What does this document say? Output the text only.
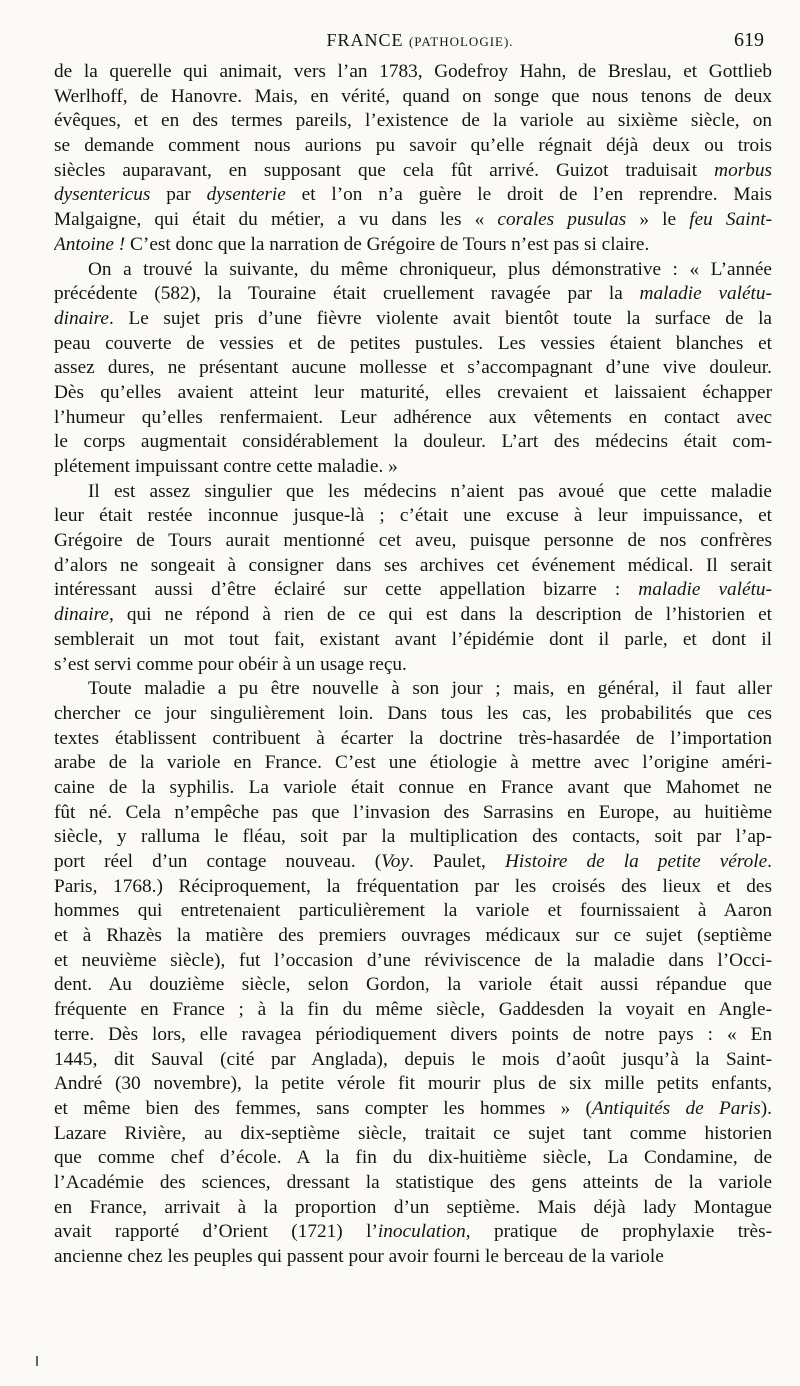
FRANCE (PATHOLOGIE).	619
de la querelle qui animait, vers l’an 1783, Godefroy Hahn, de Breslau, et Gottlieb
Werlhoff, de Hanovre. Mais, en vérité, quand on songe que nous tenons de deux
évêques, et en des termes pareils, l’existence de la variole au sixième siècle, on
se demande comment nous aurions pu savoir qu’elle régnait déjà deux ou trois
siècles auparavant, en supposant que cela fût arrivé. Guizot traduisait morbus
dysentericus par dysenterie et l’on n’a guère le droit de l’en reprendre. Mais
Malgaigne, qui était du métier, a vu dans les « corales pusulas » le feu Saint-
Antoine ! C’est donc que la narration de Grégoire de Tours n’est pas si claire.
On a trouvé la suivante, du même chroniqueur, plus démonstrative : « L’année
précédente (582), la Touraine était cruellement ravagée par la maladie valétu-
dinaire. Le sujet pris d’une fièvre violente avait bientôt toute la surface de la
peau couverte de vessies et de petites pustules. Les vessies étaient blanches et
assez dures, ne présentant aucune mollesse et s’accompagnant d’une vive douleur.
Dès qu’elles avaient atteint leur maturité, elles crevaient et laissaient échapper
l’humeur qu’elles renfermaient. Leur adhérence aux vêtements en contact avec
le corps augmentait considérablement la douleur. L’art des médecins était com-
plétement impuissant contre cette maladie. »
Il est assez singulier que les médecins n’aient pas avoué que cette maladie
leur était restée inconnue jusque-là ; c’était une excuse à leur impuissance, et
Grégoire de Tours aurait mentionné cet aveu, puisque personne de nos confrères
d’alors ne songeait à consigner dans ses archives cet événement médical. Il serait
intéressant aussi d’être éclairé sur cette appellation bizarre : maladie valétu-
dinaire, qui ne répond à rien de ce qui est dans la description de l’historien et
semblerait un mot tout fait, existant avant l’épidémie dont il parle, et dont il
s’est servi comme pour obéir à un usage reçu.
Toute maladie a pu être nouvelle à son jour ; mais, en général, il faut aller
chercher ce jour singulièrement loin. Dans tous les cas, les probabilités que ces
textes établissent contribuent à écarter la doctrine très-hasardée de l’importation
arabe de la variole en France. C’est une étiologie à mettre avec l’origine améri-
caine de la syphilis. La variole était connue en France avant que Mahomet ne
fût né. Cela n’empêche pas que l’invasion des Sarrasins en Europe, au huitième
siècle, y ralluma le fléau, soit par la multiplication des contacts, soit par l’ap-
port réel d’un contage nouveau. (Voy. Paulet, Histoire de la petite vérole.
Paris, 1768.) Réciproquement, la fréquentation par les croisés des lieux et des
hommes qui entretenaient particulièrement la variole et fournissaient à Aaron
et à Rhazès la matière des premiers ouvrages médicaux sur ce sujet (septième
et neuvième siècle), fut l’occasion d’une réviviscence de la maladie dans l’Occi-
dent. Au douzième siècle, selon Gordon, la variole était aussi répandue que
fréquente en France ; à la fin du même siècle, Gaddesden la voyait en Angle-
terre. Dès lors, elle ravagea périodiquement divers points de notre pays : « En
1445, dit Sauval (cité par Anglada), depuis le mois d’août jusqu’à la Saint-
André (30 novembre), la petite vérole fit mourir plus de six mille petits enfants,
et même bien des femmes, sans compter les hommes » (Antiquités de Paris).
Lazare Rivière, au dix-septième siècle, traitait ce sujet tant comme historien
que comme chef d’école. A la fin du dix-huitième siècle, La Condamine, de
l’Académie des sciences, dressant la statistique des gens atteints de la variole
en France, arrivait à la proportion d’un septième. Mais déjà lady Montague
avait rapporté d’Orient (1721) l’inoculation, pratique de prophylaxie très-
ancienne chez les peuples qui passent pour avoir fourni le berceau de la variole
